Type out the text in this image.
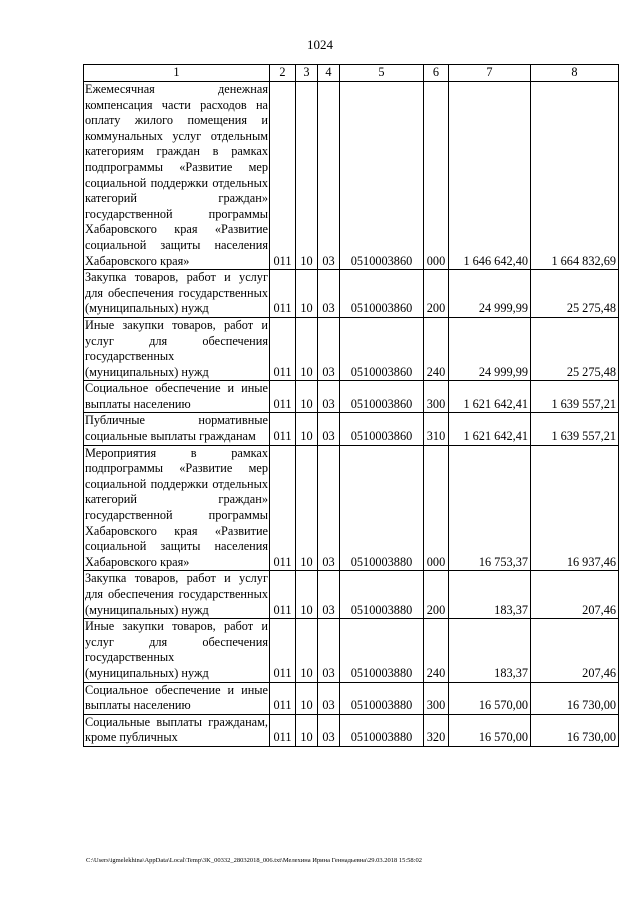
1024
1	2	3	4	5	6	7	8
Ежемесячная денежная компенсация части расходов на оплату жилого помещения и коммунальных услуг отдельным категориям граждан в рамках подпрограммы «Развитие мер социальной поддержки отдельных категорий граждан» государственной программы Хабаровского края «Развитие социальной защиты населения Хабаровского края»	011	10	03	0510003860	000	1 646 642,40	1 664 832,69
Закупка товаров, работ и услуг для обеспечения государственных (муниципальных) нужд	011	10	03	0510003860	200	24 999,99	25 275,48
Иные закупки товаров, работ и услуг для обеспечения государственных (муниципальных) нужд	011	10	03	0510003860	240	24 999,99	25 275,48
Социальное обеспечение и иные выплаты населению	011	10	03	0510003860	300	1 621 642,41	1 639 557,21
Публичные нормативные социальные выплаты гражданам	011	10	03	0510003860	310	1 621 642,41	1 639 557,21
Мероприятия в рамках подпрограммы «Развитие мер социальной поддержки отдельных категорий граждан» государственной программы Хабаровского края «Развитие социальной защиты населения Хабаровского края»	011	10	03	0510003880	000	16 753,37	16 937,46
Закупка товаров, работ и услуг для обеспечения государственных (муниципальных) нужд	011	10	03	0510003880	200	183,37	207,46
Иные закупки товаров, работ и услуг для обеспечения государственных (муниципальных) нужд	011	10	03	0510003880	240	183,37	207,46
Социальное обеспечение и иные выплаты населению	011	10	03	0510003880	300	16 570,00	16 730,00
Социальные выплаты гражданам, кроме публичных	011	10	03	0510003880	320	16 570,00	16 730,00
C:\Users\igmelekhina\AppData\Local\Temp\3K_00332_28032018_006.txt\Мелехина Ирина Геннадьевна\29.03.2018 15:58:02
